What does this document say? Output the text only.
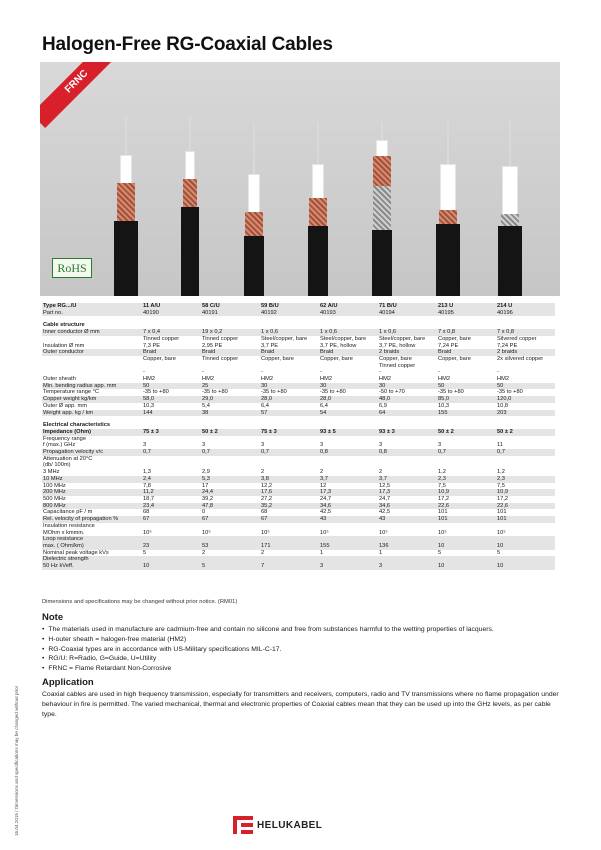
Halogen-Free RG-Coaxial Cables
FRNC
RoHS
Type RG.../U	11 A/U	58 C/U	59 B/U	62 A/U	71 B/U	213 U	214 U
Part no.	40190	40191	40192	40193	40194	40195	40196
Cable structure							
Inner conductor Ø mm	7 x 0,4	19 x 0,2	1 x 0,6	1 x 0,6	1 x 0,6	7 x 0,8	7 x 0,8
	Tinned copper	Tinned copper	Steel/copper, bare	Steel/copper, bare	Steel/copper, bare	Copper, bare	Silvered copper
Insulation Ø mm	7,3 PE	2,95 PE	3,7 PE	3,7 PE, hollow	3,7 PE, hollow	7,24 PE	7,24 PE
Outer conductor	Braid	Braid	Braid	Braid	2 braids	Braid	2 braids
	Copper, bare	Tinned copper	Copper, bare	Copper, bare	Copper, bare	Copper, bare	2x silvered copper
					Tinned copper		
	-	-	-	-	-	-	-
Outer sheath	HM2	HM2	HM2	HM2	HM2	HM2	HM2
Min. bending radius app. mm	50	25	30	30	30	50	50
Temperature range °C	-35 to +80	-35 to +80	-35 to +80	-35 to +80	-50 to +70	-35 to +80	-35 to +80
Copper weight kg/km	58,0	29,0	28,0	28,0	48,0	85,0	120,0
Outer Ø app. mm	10,3	5,4	6,4	6,4	6,9	10,3	10,8
Weight app. kg / km	144	38	57	54	64	155	203
Electrical characteristics							
Impedance (Ohm)	75 ± 3	50 ± 2	75 ± 3	93 ± 5	93 ± 3	50 ± 2	50 ± 2
Frequency range							
f (max.) GHz	3	3	3	3	3	3	11
Propagation velocity v/c	0,7	0,7	0,7	0,8	0,8	0,7	0,7
Attenuation at 20°C							
(db/ 100m)							
3 MHz	1,3	2,9	2	2	2	1,2	1,2
10 MHz	2,4	5,3	3,8	3,7	3,7	2,3	2,3
100 MHz	7,8	17	12,2	12	12,5	7,5	7,5
200 MHz	11,2	24,4	17,6	17,3	17,3	10,9	10,9
500 MHz	18,7	39,2	27,2	24,7	24,7	17,2	17,2
800 MHz	23,4	47,8	35,2	34,6	34,6	22,6	22,6
Capacitance pF / m	68	0	68	42,5	42,5	101	101
Rel. velocity of propagation %	67	67	67	43	43	101	101
Insulation resistance							
MOhm x kmmin.	10⁵	10⁵	10⁵	10⁵	10⁵	10⁵	10⁵
Loop resistance							
max. ( Ohm/km)	23	53	171	155	136	10	10
Nominal peak voltage kVs	5	2	2	1	1	5	5
Dielectric strength							
50 Hz kVeff.	10	5	7	3	3	10	10
Dimensions and specifications may be changed without prior notice. (RM01)
Note
• The materials used in manufacture are cadmium-free and contain no silicone and free from substances harmful to the wetting properties of lacquers.
• H-outer sheath = halogen-free material (HM2)
• RG-Coaxial types are in accordance with US-Military specifications MIL-C-17.
• RG/U: R=Radio, G=Guide, U=Utility
• FRNC = Flame Retardant Non-Corrosive
Application
Coaxial cables are used in high frequency transmission, especially for transmitters and receivers, computers, radio and TV transmissions where no flame propagation under behaviour in fire is permitted. The varied mechanical, thermal and electronic properties of Coaxial cables mean that they can be used up into the GHz levels, as per cable type.
16.04.2015 / Dimensions and specifications may be changed without prior	HELUKABEL
